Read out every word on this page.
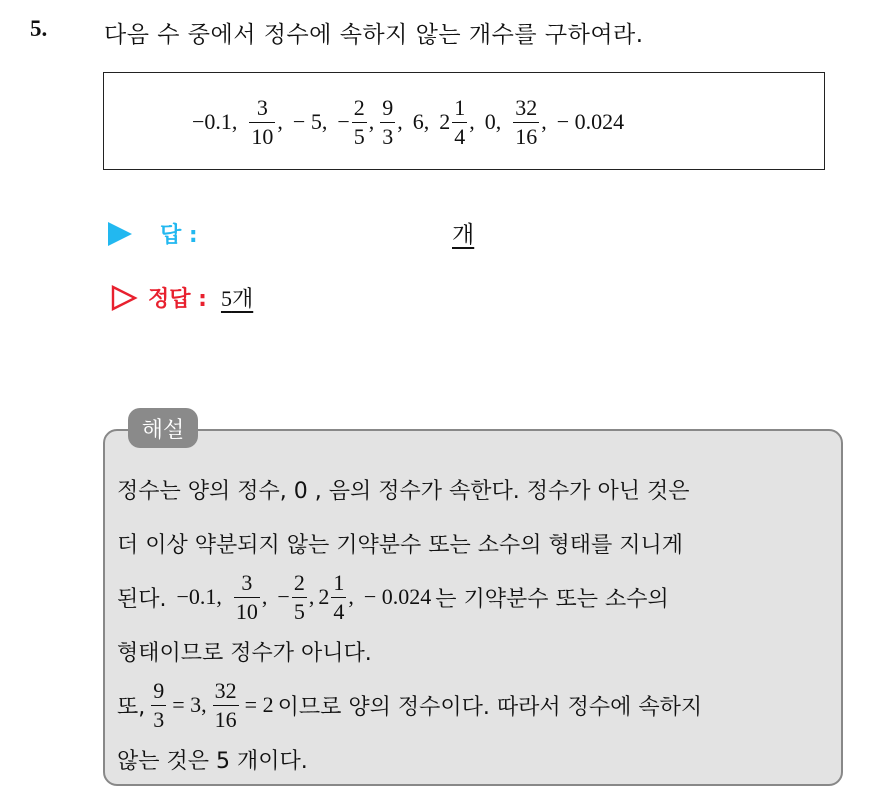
5. 다음 수 중에서 정수에 속하지 않는 개수를 구하여라.
−0.1, $\frac{3}{10}$ , − 5, − $\frac{2}{5}$ , $\frac{9}{3}$ , 6, $2 \frac{1}{4}$ , 0, $\frac{32}{16}$ , − 0.024
답 :	개
정답 : 5개
해설
정수는 양의 정수, 0 , 음의 정수가 속한다. 정수가 아닌 것은
더 이상 약분되지 않는 기약분수 또는 소수의 형태를 지니게
된다. −0.1, $\frac{3}{10}$ , − $\frac{2}{5}$ , $2 \frac{1}{4}$ , − 0.024 는 기약분수 또는 소수의
형태이므로 정수가 아니다.
또, $\frac{9}{3} = 3$, $\frac{32}{16} = 2$ 이므로 양의 정수이다. 따라서 정수에 속하지
않는 것은 5 개이다.
